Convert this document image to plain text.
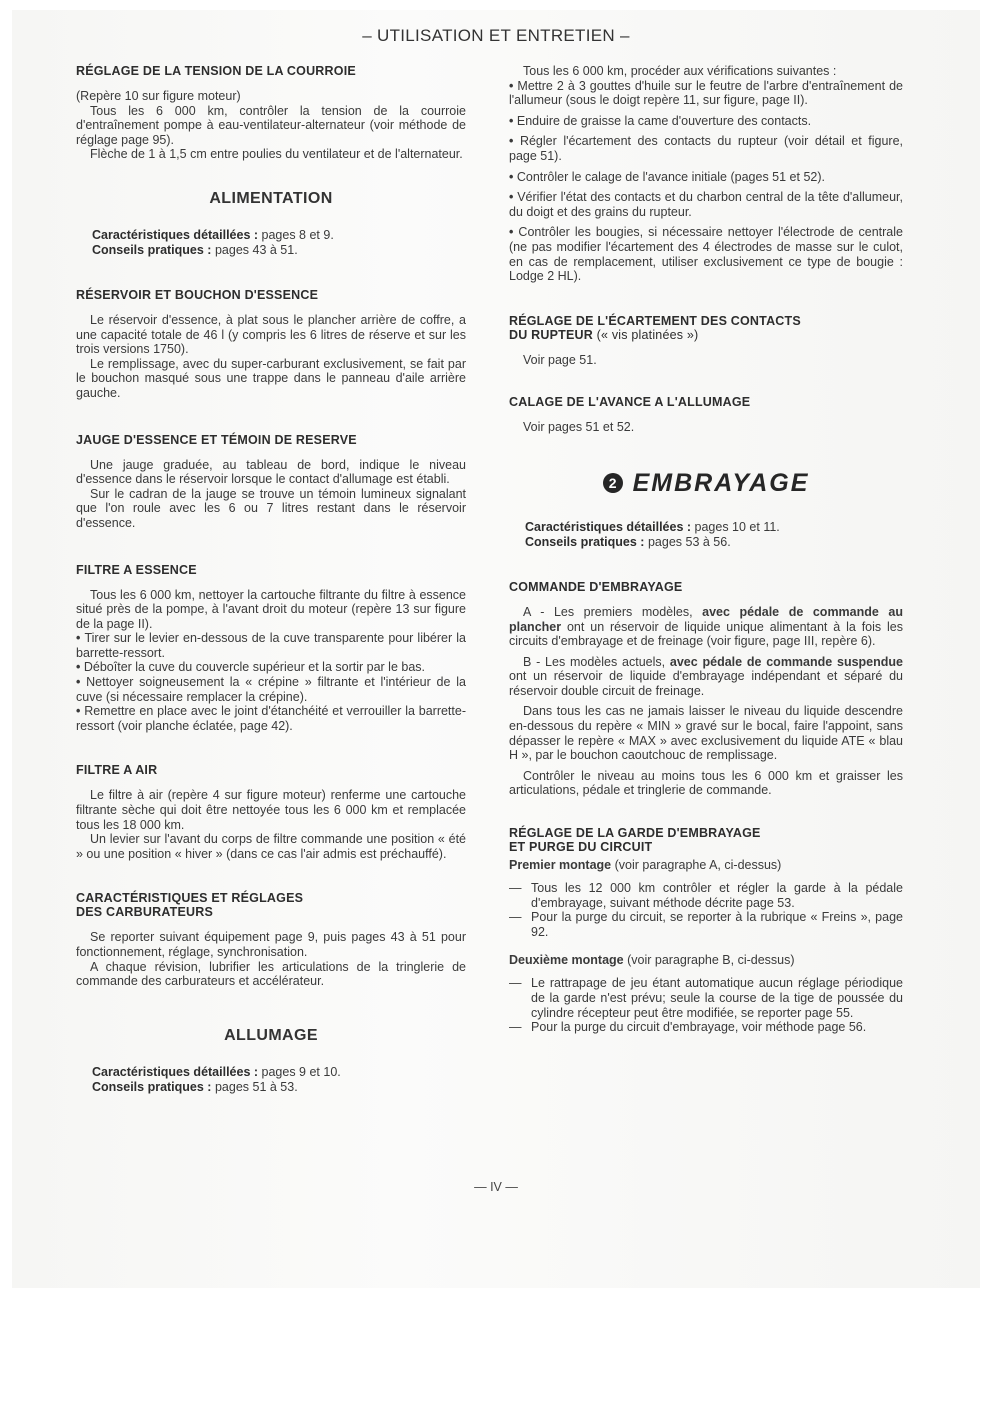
– UTILISATION ET ENTRETIEN –
RÉGLAGE DE LA TENSION DE LA COURROIE

(Repère 10 sur figure moteur)

Tous les 6 000 km, contrôler la tension de la courroie d'entraînement pompe à eau-ventilateur-alternateur (voir méthode de réglage page 95).

Flèche de 1 à 1,5 cm entre poulies du ventilateur et de l'alternateur.

ALIMENTATION
Caractéristiques détaillées : pages 8 et 9.
Conseils pratiques : pages 43 à 51.
RÉSERVOIR ET BOUCHON D'ESSENCE

Le réservoir d'essence, à plat sous le plancher arrière de coffre, a une capacité totale de 46 l (y compris les 6 litres de réserve et sur les trois versions 1750).

Le remplissage, avec du super-carburant exclusivement, se fait par le bouchon masqué sous une trappe dans le panneau d'aile arrière gauche.

JAUGE D'ESSENCE ET TÉMOIN DE RESERVE

Une jauge graduée, au tableau de bord, indique le niveau d'essence dans le réservoir lorsque le contact d'allumage est établi.

Sur le cadran de la jauge se trouve un témoin lumineux signalant que l'on roule avec les 6 ou 7 litres restant dans le réservoir d'essence.

FILTRE A ESSENCE

Tous les 6 000 km, nettoyer la cartouche filtrante du filtre à essence situé près de la pompe, à l'avant droit du moteur (repère 13 sur figure de la page II).

• Tirer sur le levier en-dessous de la cuve transparente pour libérer la barrette-ressort.

• Déboîter la cuve du couvercle supérieur et la sortir par le bas.

• Nettoyer soigneusement la « crépine » filtrante et l'intérieur de la cuve (si nécessaire remplacer la crépine).

• Remettre en place avec le joint d'étanchéité et verrouiller la barrette-ressort (voir planche éclatée, page 42).

FILTRE A AIR

Le filtre à air (repère 4 sur figure moteur) renferme une cartouche filtrante sèche qui doit être nettoyée tous les 6 000 km et remplacée tous les 18 000 km.

Un levier sur l'avant du corps de filtre commande une position « été » ou une position « hiver » (dans ce cas l'air admis est préchauffé).

CARACTÉRISTIQUES ET RÉGLAGES
DES CARBURATEURS

Se reporter suivant équipement page 9, puis pages 43 à 51 pour fonctionnement, réglage, synchronisation.

A chaque révision, lubrifier les articulations de la tringlerie de commande des carburateurs et accélérateur.

ALLUMAGE
Caractéristiques détaillées : pages 9 et 10.
Conseils pratiques : pages 51 à 53.

Tous les 6 000 km, procéder aux vérifications suivantes :

• Mettre 2 à 3 gouttes d'huile sur le feutre de l'arbre d'entraînement de l'allumeur (sous le doigt repère 11, sur figure, page II).

• Enduire de graisse la came d'ouverture des contacts.

• Régler l'écartement des contacts du rupteur (voir détail et figure, page 51).

• Contrôler le calage de l'avance initiale (pages 51 et 52).

• Vérifier l'état des contacts et du charbon central de la tête d'allumeur, du doigt et des grains du rupteur.

• Contrôler les bougies, si nécessaire nettoyer l'électrode de centrale (ne pas modifier l'écartement des 4 électrodes de masse sur le culot, en cas de remplacement, utiliser exclusivement ce type de bougie : Lodge 2 HL).

RÉGLAGE DE L'ÉCARTEMENT DES CONTACTS
DU RUPTEUR (« vis platinées »)

Voir page 51.

CALAGE DE L'AVANCE A L'ALLUMAGE

Voir pages 51 et 52.

2 EMBRAYAGE
Caractéristiques détaillées : pages 10 et 11.
Conseils pratiques : pages 53 à 56.
COMMANDE D'EMBRAYAGE

A - Les premiers modèles, avec pédale de commande au plancher ont un réservoir de liquide unique alimentant à la fois les circuits d'embrayage et de freinage (voir figure, page III, repère 6).

B - Les modèles actuels, avec pédale de commande suspendue ont un réservoir de liquide d'embrayage indépendant et séparé du réservoir double circuit de freinage.

Dans tous les cas ne jamais laisser le niveau du liquide descendre en-dessous du repère « MIN » gravé sur le bocal, faire l'appoint, sans dépasser le repère « MAX » avec exclusivement du liquide ATE « blau H », par le bouchon caoutchouc de remplissage.

Contrôler le niveau au moins tous les 6 000 km et graisser les articulations, pédale et tringlerie de commande.

RÉGLAGE DE LA GARDE D'EMBRAYAGE
ET PURGE DU CIRCUIT

Premier montage (voir paragraphe A, ci-dessus)

— Tous les 12 000 km contrôler et régler la garde à la pédale d'embrayage, suivant méthode décrite page 53.
— Pour la purge du circuit, se reporter à la rubrique « Freins », page 92.

Deuxième montage (voir paragraphe B, ci-dessus)

— Le rattrapage de jeu étant automatique aucun réglage périodique de la garde n'est prévu; seule la course de la tige de poussée du cylindre récepteur peut être modifiée, se reporter page 55.
— Pour la purge du circuit d'embrayage, voir méthode page 56.
— IV —
